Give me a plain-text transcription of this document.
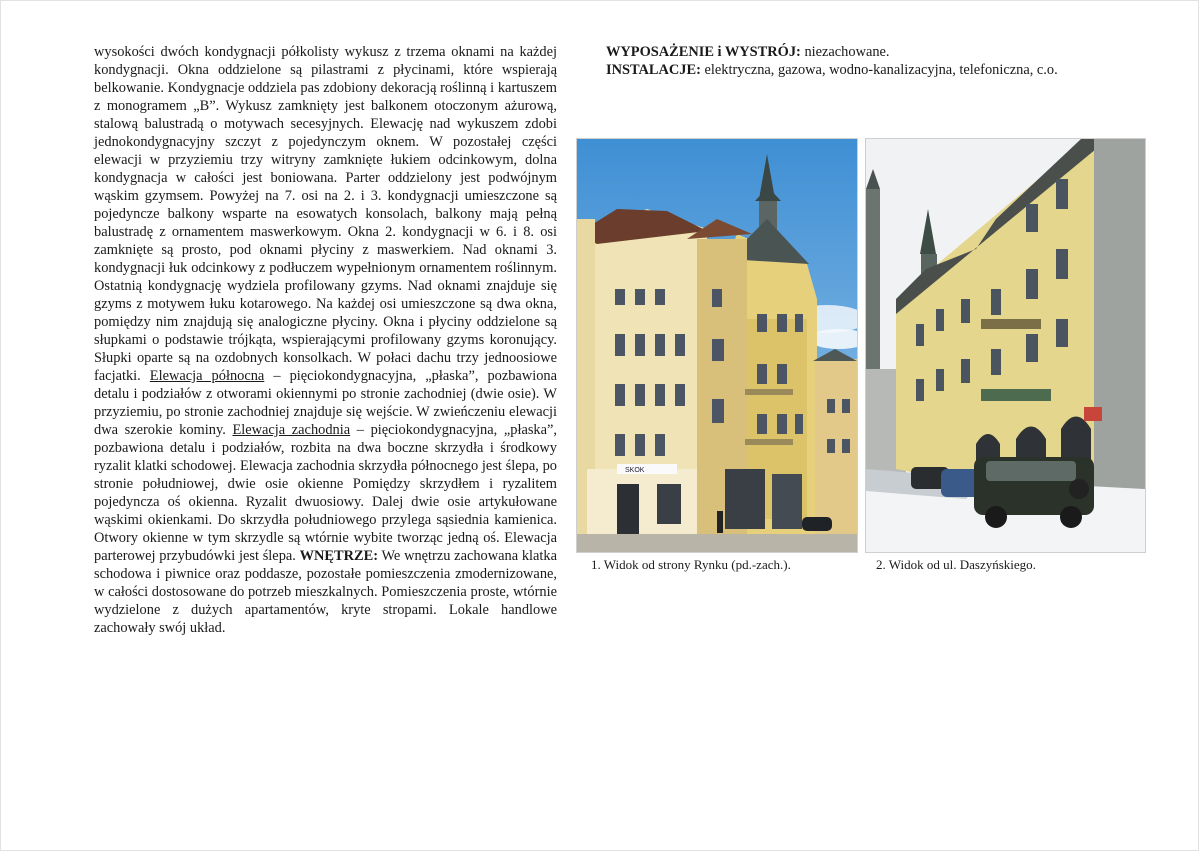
wysokości dwóch kondygnacji półkolisty wykusz z trzema oknami na każdej kondygnacji. Okna oddzielone są pilastrami z płycinami, które wspierają belkowanie. Kondygnacje oddziela pas zdobiony dekoracją roślinną i kartuszem z monogramem „B”. Wykusz zamknięty jest balkonem otoczonym ażurową, stalową balustradą o motywach secesyjnych. Elewację nad wykuszem zdobi jednokondygnacyjny szczyt z pojedynczym oknem. W pozostałej części elewacji w przyziemiu trzy witryny zamknięte łukiem odcinkowym, dolna kondygnacja w całości jest boniowana. Parter oddzielony jest podwójnym wąskim gzymsem. Powyżej na 7. osi na 2. i 3. kondygnacji umieszczone są pojedyncze balkony wsparte na esowatych konsolach, balkony mają pełną balustradę z ornamentem maswerkowym. Okna 2. kondygnacji w 6. i 8. osi zamknięte są prosto, pod oknami płyciny z maswerkiem. Nad oknami 3. kondygnacji łuk odcinkowy z podłuczem wypełnionym ornamentem roślinnym. Ostatnią kondygnację wydziela profilowany gzyms. Nad oknami znajduje się gzyms z motywem łuku kotarowego. Na każdej osi umieszczone są dwa okna, pomiędzy nim znajdują się analogiczne płyciny. Okna i płyciny oddzielone są słupkami o podstawie trójkąta, wspierającymi profilowany gzyms koronujący. Słupki oparte są na ozdobnych konsolkach. W połaci dachu trzy jednoosiowe facjatki. Elewacja północna – pięciokondygnacyjna, „płaska”, pozbawiona detalu i podziałów z otworami okiennymi po stronie zachodniej (dwie osie). W przyziemiu, po stronie zachodniej znajduje się wejście. W zwieńczeniu elewacji dwa szerokie kominy. Elewacja zachodnia – pięciokondygnacyjna, „płaska”, pozbawiona detalu i podziałów, rozbita na dwa boczne skrzydła i środkowy ryzalit klatki schodowej. Elewacja zachodnia skrzydła północnego jest ślepa, po stronie południowej, dwie osie okienne Pomiędzy skrzydłem i ryzalitem pojedyncza oś okienna. Ryzalit dwuosiowy. Dalej dwie osie artykułowane wąskimi okienkami. Do skrzydła południowego przylega sąsiednia kamienica. Otwory okienne w tym skrzydle są wtórnie wybite tworząc jedną oś. Elewacja parterowej przybudówki jest ślepa. WNĘTRZE: We wnętrzu zachowana klatka schodowa i piwnice oraz poddasze, pozostałe pomieszczenia zmodernizowane, w całości dostosowane do potrzeb mieszkalnych. Pomieszczenia proste, wtórnie wydzielone z dużych apartamentów, kryte stropami. Lokale handlowe zachowały swój układ.

WYPOSAŻENIE i WYSTRÓJ: niezachowane.

INSTALACJE: elektryczna, gazowa, wodno-kanalizacyjna, telefoniczna, c.o.

SKOK
1. Widok od strony Rynku (pd.-zach.).	2. Widok od ul. Daszyńskiego.
